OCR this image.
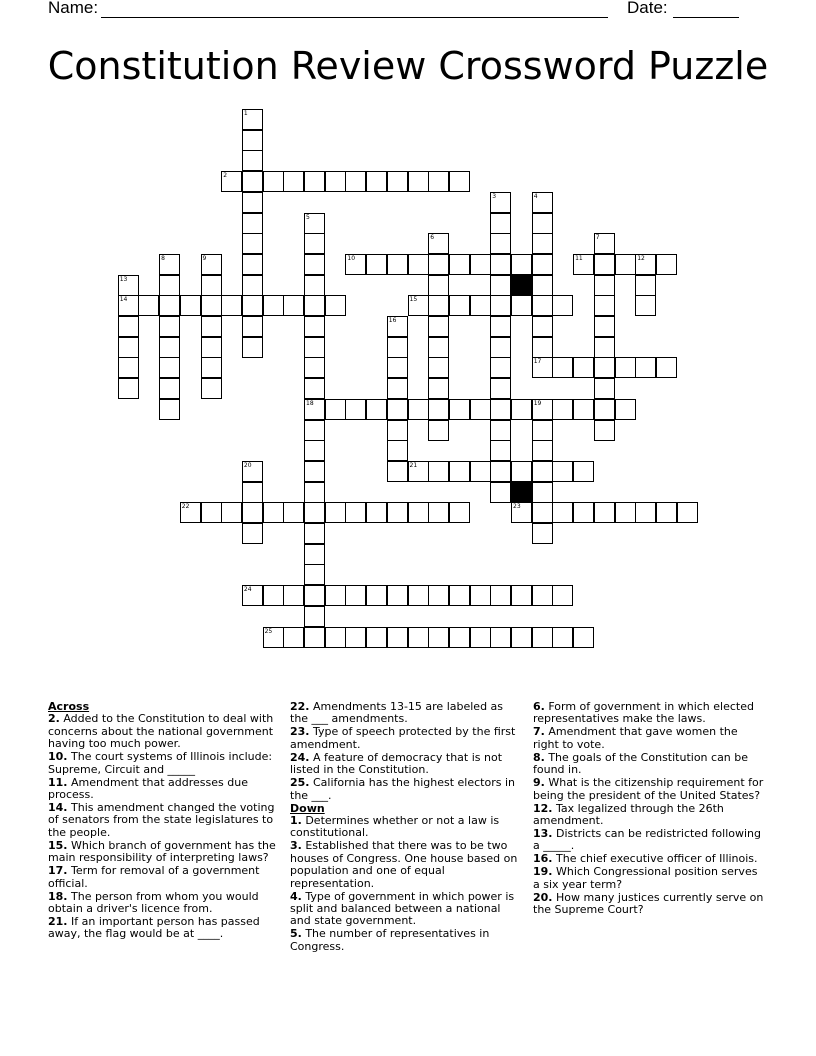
Name:	Date:
Constitution Review Crossword Puzzle
2
10	11	12
14	15
17
18	19
21
22	23
24
25
1
3	4
5
6	7
8	9
13
16
20
Across
2. Added to the Constitution to deal with concerns about the national government having too much power.
10. The court systems of Illinois include: Supreme, Circuit and _____
11. Amendment that addresses due process.
14. This amendment changed the voting of senators from the state legislatures to the people.
15. Which branch of government has the main responsibility of interpreting laws?
17. Term for removal of a government official.
18. The person from whom you would obtain a driver's licence from.
21. If an important person has passed away, the flag would be at ____.
22. Amendments 13-15 are labeled as the ___ amendments.
23. Type of speech protected by the first amendment.
24. A feature of democracy that is not listed in the Constitution.
25. California has the highest electors in the ___.
Down
1. Determines whether or not a law is constitutional.
3. Established that there was to be two houses of Congress. One house based on population and one of equal representation.
4. Type of government in which power is split and balanced between a national and state government.
5. The number of representatives in Congress.
6. Form of government in which elected representatives make the laws.
7. Amendment that gave women the right to vote.
8. The goals of the Constitution can be found in.
9. What is the citizenship requirement for being the president of the United States?
12. Tax legalized through the 26th amendment.
13. Districts can be redistricted following a _____.
16. The chief executive officer of Illinois.
19. Which Congressional position serves a six year term?
20. How many justices currently serve on the Supreme Court?
